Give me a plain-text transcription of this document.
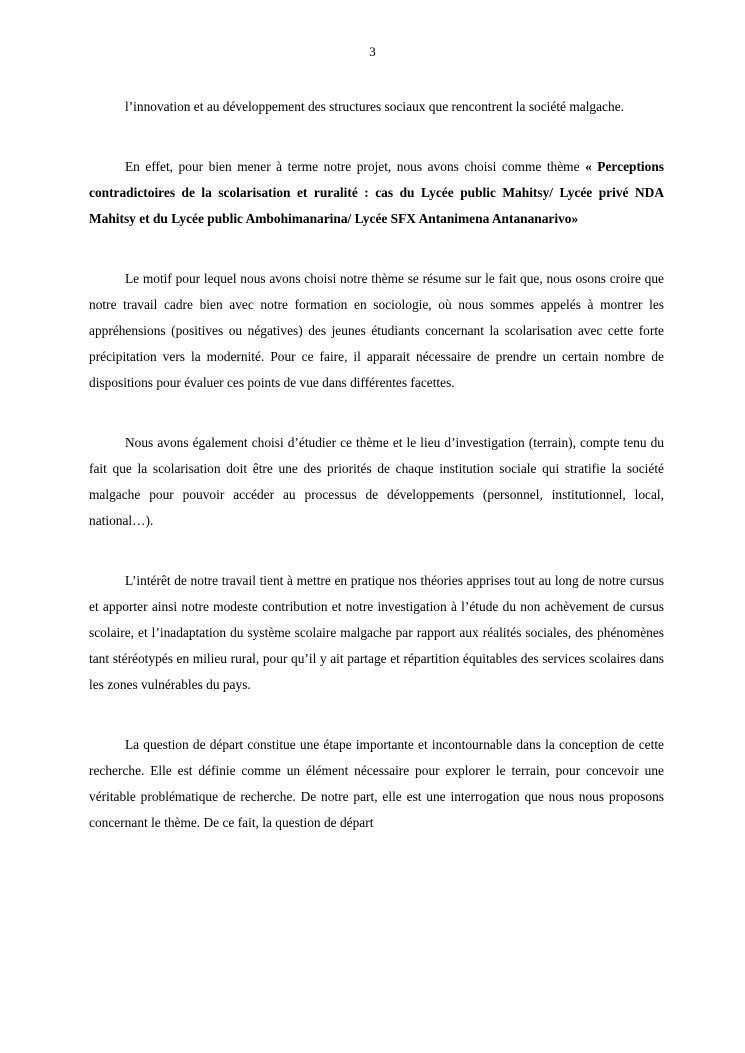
3

l’innovation et au développement des structures sociaux que rencontrent la société malgache.

En effet, pour bien mener à terme notre projet, nous avons choisi comme thème « Perceptions contradictoires de la scolarisation et ruralité : cas du Lycée public Mahitsy/ Lycée privé NDA Mahitsy et du Lycée public Ambohimanarina/ Lycée SFX Antanimena Antananarivo»

Le motif pour lequel nous avons choisi notre thème se résume sur le fait que, nous osons croire que notre travail cadre bien avec notre formation en sociologie, où nous sommes appelés à montrer les appréhensions (positives ou négatives) des jeunes étudiants concernant la scolarisation avec cette forte précipitation vers la modernité. Pour ce faire, il apparait nécessaire de prendre un certain nombre de dispositions pour évaluer ces points de vue dans différentes facettes.

Nous avons également choisi d’étudier ce thème et le lieu d’investigation (terrain), compte tenu du fait que la scolarisation doit être une des priorités de chaque institution sociale qui stratifie la société malgache pour pouvoir accéder au processus de développements (personnel, institutionnel, local, national…).

L’intérêt de notre travail tient à mettre en pratique nos théories apprises tout au long de notre cursus et apporter ainsi notre modeste contribution et notre investigation à l’étude du non achèvement de cursus scolaire, et l’inadaptation du système scolaire malgache par rapport aux réalités sociales, des phénomènes tant stéréotypés en milieu rural, pour qu’il y ait partage et répartition équitables des services scolaires dans les zones vulnérables du pays.

La question de départ constitue une étape importante et incontournable dans la conception de cette recherche. Elle est définie comme un élément nécessaire pour explorer le terrain, pour concevoir une véritable problématique de recherche. De notre part, elle est une interrogation que nous nous proposons concernant le thème. De ce fait, la question de départ
